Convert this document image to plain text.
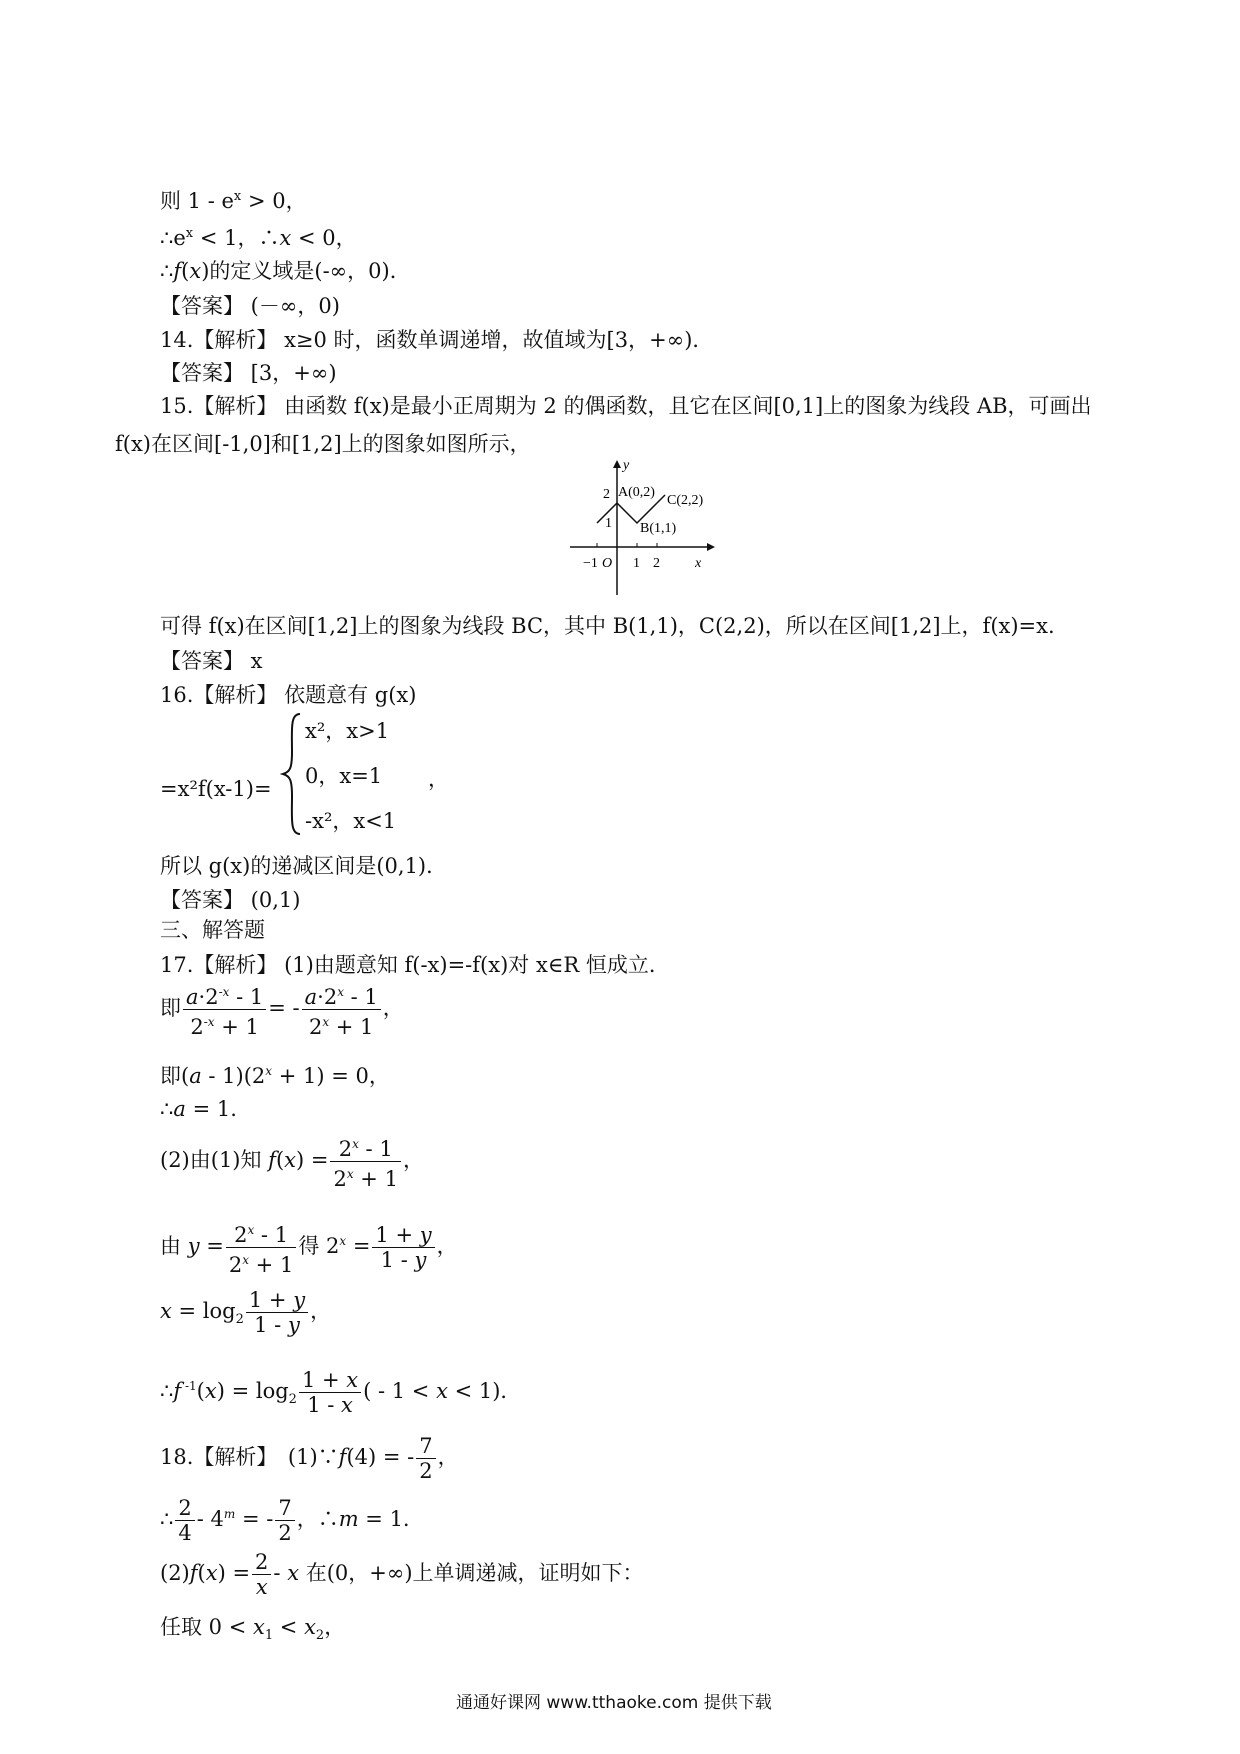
则 $1 - e^x > 0$，
$\therefore e^x < 1$，∴x < 0，
∴f(x)的定义域是(-∞，0)．
【答案】 (－∞，0)
14.【解析】 x≥0 时，函数单调递增，故值域为[3，+∞)．
【答案】 [3，+∞)
15.【解析】 由函数 f(x)是最小正周期为 2 的偶函数，且它在区间[0,1]上的图象为线段 AB，可画出
f(x)在区间[-1,0]和[1,2]上的图象如图所示，
y
x
O
−1	1 2
2
1
A(0,2)
B(1,1)
C(2,2)
可得 f(x)在区间[1,2]上的图象为线段 BC，其中 B(1,1)，C(2,2)，所以在区间[1,2]上，f(x)=x.
【答案】 x
16.【解析】 依题意有 g(x)
=x²f(x-1)=
x²，x>1
0，x=1
-x²，x<1
，
所以 g(x)的递减区间是(0,1)．
【答案】 (0,1)
三、解答题
17.【解析】 (1)由题意知 f(-x)=-f(x)对 x∈R 恒成立．
即 $\frac{a\cdot 2^{-x} - 1}{2^{-x} + 1}$ = - $\frac{a\cdot 2^x - 1}{2^x + 1}$ ，
即$(a - 1)(2^x + 1) = 0$，
∴a = 1.
(2)由(1)知 $f(x) = \frac{2^x - 1}{2^x + 1}$ ，
由 $y = \frac{2^x - 1}{2^x + 1}$ 得 $2^x = \frac{1 + y}{1 - y}$ ，
$x = \log_2 \frac{1 + y}{1 - y}$ ，
∴f $^{-1}(x) = \log_2 \frac{1 + x}{1 - x}$ ( - 1 < x < 1)．
18.【解析】　(1)∵f(4) = - $\frac{7}{2}$ ，
∴ $\frac{2}{4} - 4^m$ = - $\frac{7}{2}$ ，∴m = 1.
$(2)f(x) = \frac{2}{x} - x$ 在(0，+∞)上单调递减，证明如下：
任取 $0 < x_1 < x_2$，
通通好课网 www.tthaoke.com 提供下载
